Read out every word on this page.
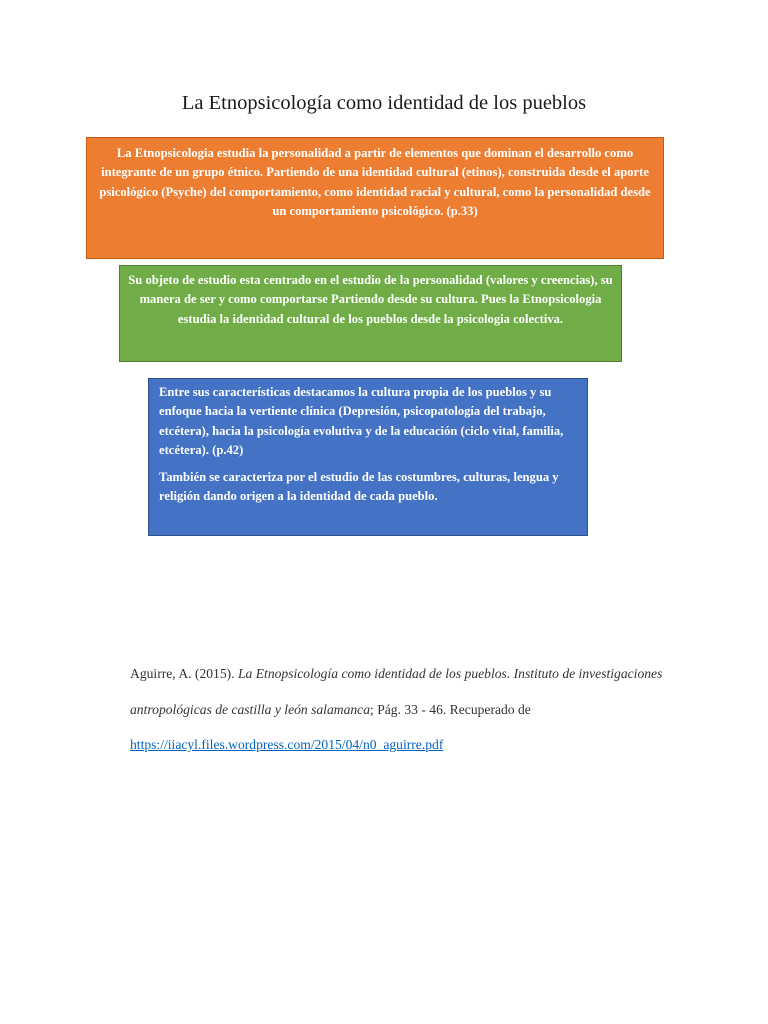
La Etnopsicología como identidad de los pueblos
La Etnopsicologia estudia la personalidad a partir de elementos que dominan el desarrollo como integrante de un grupo étnico. Partiendo de una identidad cultural (etinos), construida desde el aporte psicológico (Psyche) del comportamiento, como identidad racial y cultural, como la personalidad desde un comportamiento psicológico. (p.33)
Su objeto de estudio esta centrado en el estudio de la personalidad (valores y creencias), su manera de ser y como comportarse Partiendo desde su cultura. Pues la Etnopsicologia estudia la identidad cultural de los pueblos desde la psicologia colectiva.

Entre sus características destacamos la cultura propia de los pueblos y su enfoque hacia la vertiente clínica (Depresión, psicopatología del trabajo, etcétera), hacia la psicología evolutiva y de la educación (ciclo vital, familia, etcétera). (p.42)

También se caracteriza por el estudio de las costumbres, culturas, lengua y religión dando origen a la identidad de cada pueblo.

Aguirre, A. (2015). La Etnopsicología como identidad de los pueblos. Instituto de investigaciones antropológicas de castilla y león salamanca; Pág. 33 - 46. Recuperado de https://iiacyl.files.wordpress.com/2015/04/n0_aguirre.pdf
